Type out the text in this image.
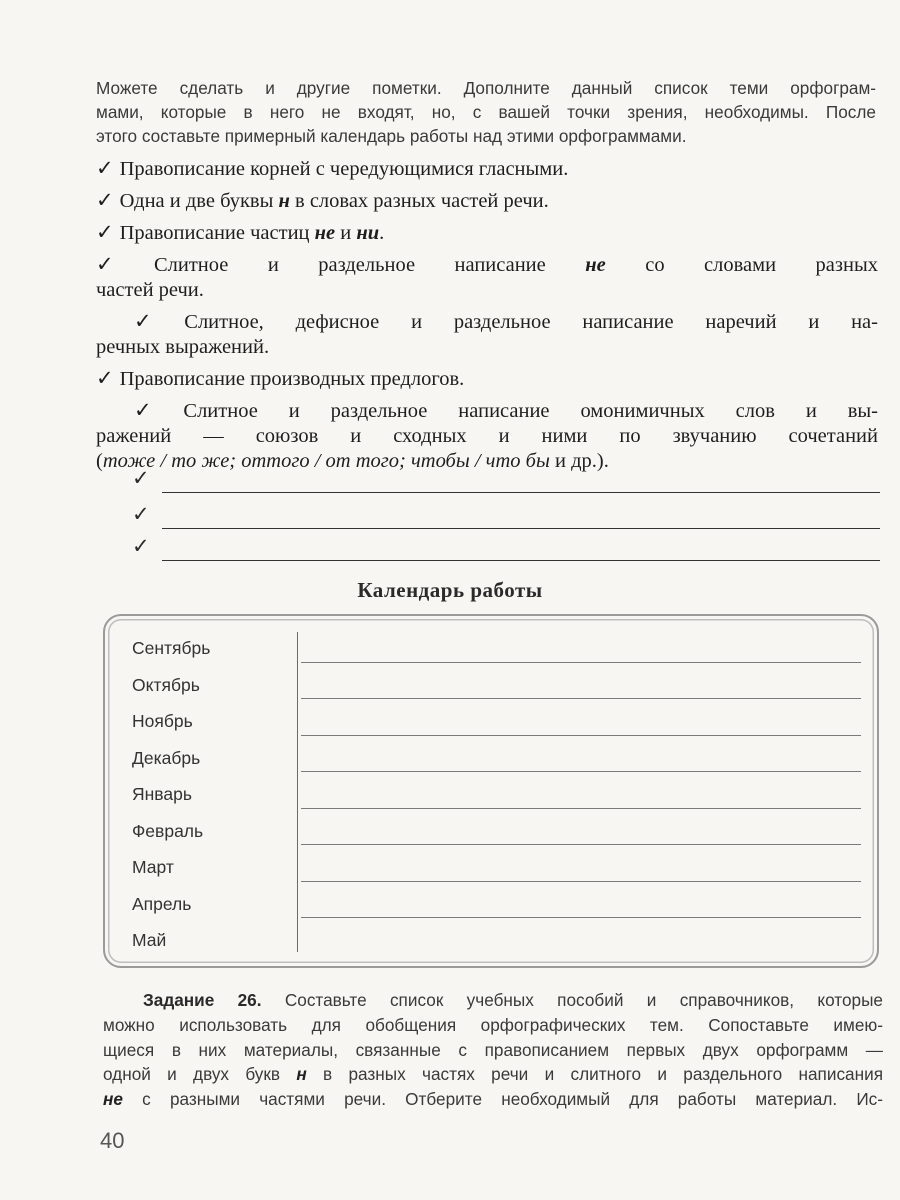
Можете сделать и другие пометки. Дополните данный список теми орфограм-

мами, которые в него не входят, но, с вашей точки зрения, необходимы. После

этого составьте примерный календарь работы над этими орфограммами.

✓ Правописание корней с чередующимися гласными.
✓ Одна и две буквы н в словах разных частей речи.
✓ Правописание частиц не и ни.
✓ Слитное и раздельное написание не со словами разных
частей речи.
✓ Слитное, дефисное и раздельное написание наречий и на-
речных выражений.
✓ Правописание производных предлогов.
✓ Слитное и раздельное написание омонимичных слов и вы-
ражений — союзов и сходных и ними по звучанию сочетаний
(тоже / то же; оттого / от того; чтобы / что бы и др.).
✓
✓
✓
Календарь работы
Сентябрь
Октябрь
Ноябрь
Декабрь
Январь
Февраль
Март
Апрель
Май

Задание 26. Составьте список учебных пособий и справочников, которые

можно использовать для обобщения орфографических тем. Сопоставьте имею-

щиеся в них материалы, связанные с правописанием первых двух орфограмм —

одной и двух букв н в разных частях речи и слитного и раздельного написания

не с разными частями речи. Отберите необходимый для работы материал. Ис-

40
